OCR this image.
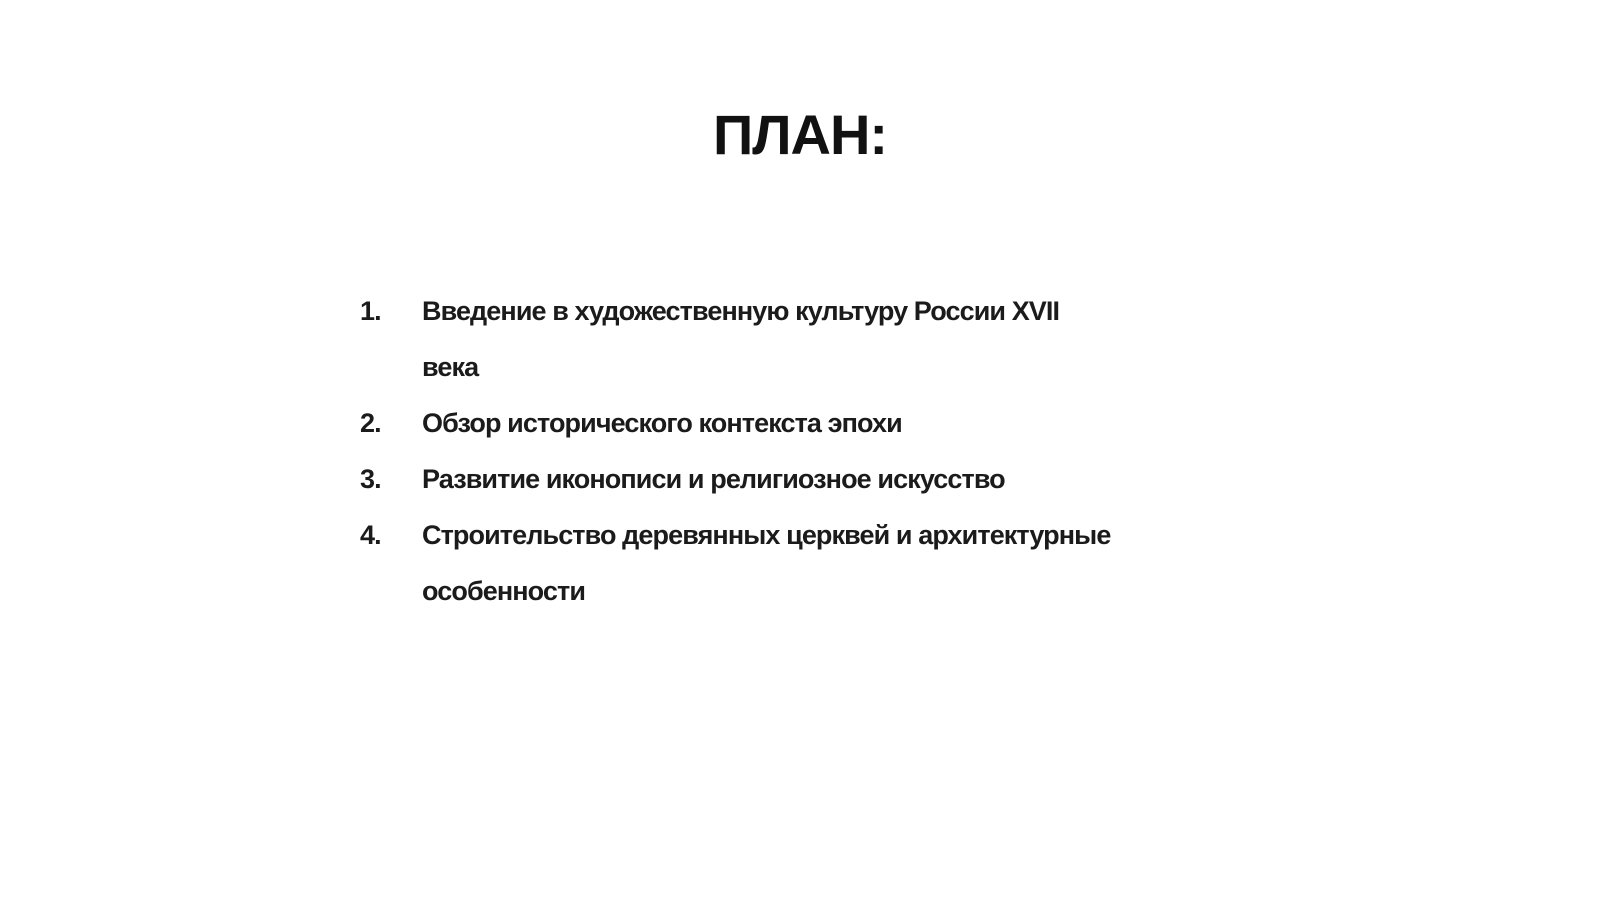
ПЛАН:
1.	Введение в художественную культуру России XVII века
2.	Обзор исторического контекста эпохи
3.	Развитие иконописи и религиозное искусство
4.	Строительство деревянных церквей и архитектурные особенности
